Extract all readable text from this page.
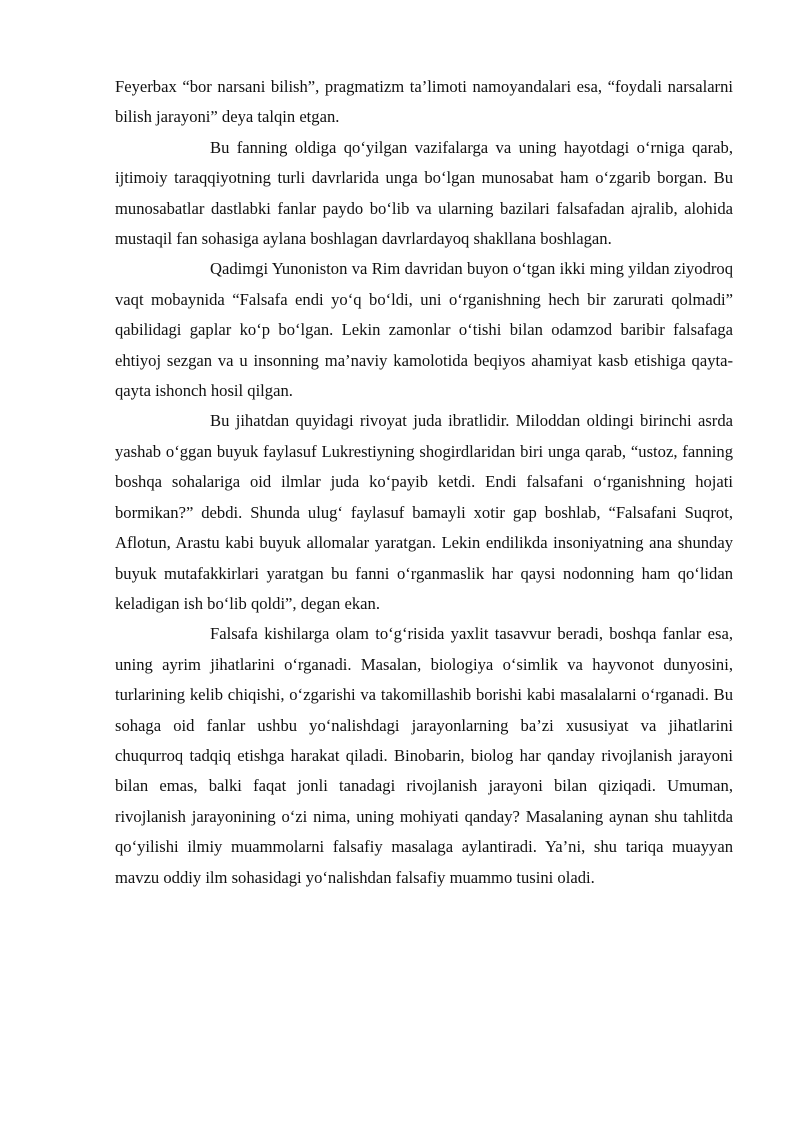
Feyerbax “bor narsani bilish”, pragmatizm ta’limoti namoyandalari esa, “foydali narsalarni bilish jarayoni” deya talqin etgan.

Bu fanning oldiga qo‘yilgan vazifalarga va uning hayotdagi o‘rniga qarab, ijtimoiy taraqqiyotning turli davrlarida unga bo‘lgan munosabat ham o‘zgarib borgan. Bu munosabatlar dastlabki fanlar paydo bo‘lib va ularning bazilari falsafadan ajralib, alohida mustaqil fan sohasiga aylana boshlagan davrlardayoq shakllana boshlagan.

Qadimgi Yunoniston va Rim davridan buyon o‘tgan ikki ming yildan ziyodroq vaqt mobaynida “Falsafa endi yo‘q bo‘ldi, uni o‘rganishning hech bir zarurati qolmadi” qabilidagi gaplar ko‘p bo‘lgan. Lekin zamonlar o‘tishi bilan odamzod baribir falsafaga ehtiyoj sezgan va u insonning ma’naviy kamolotida beqiyos ahamiyat kasb etishiga qayta-qayta ishonch hosil qilgan.

Bu jihatdan quyidagi rivoyat juda ibratlidir. Miloddan oldingi birinchi asrda yashab o‘ggan buyuk faylasuf Lukrestiyning shogirdlaridan biri unga qarab, “ustoz, fanning boshqa sohalariga oid ilmlar juda ko‘payib ketdi. Endi falsafani o‘rganishning hojati bormikan?” debdi. Shunda ulug‘ faylasuf bamayli xotir gap boshlab, “Falsafani Suqrot, Aflotun, Arastu kabi buyuk allomalar yaratgan. Lekin endilikda insoniyatning ana shunday buyuk mutafakkirlari yaratgan bu fanni o‘rganmaslik har qaysi nodonning ham qo‘lidan keladigan ish bo‘lib qoldi”, degan ekan.

Falsafa kishilarga olam to‘g‘risida yaxlit tasavvur beradi, boshqa fanlar esa, uning ayrim jihatlarini o‘rganadi. Masalan, biologiya o‘simlik va hayvonot dunyosini, turlarining kelib chiqishi, o‘zgarishi va takomillashib borishi kabi masalalarni o‘rganadi. Bu sohaga oid fanlar ushbu yo‘nalishdagi jarayonlarning ba’zi xususiyat va jihatlarini chuqurroq tadqiq etishga harakat qiladi. Binobarin, biolog har qanday rivojlanish jarayoni bilan emas, balki faqat jonli tanadagi rivojlanish jarayoni bilan qiziqadi. Umuman, rivojlanish jarayonining o‘zi nima, uning mohiyati qanday? Masalaning aynan shu tahlitda qo‘yilishi ilmiy muammolarni falsafiy masalaga aylantiradi. Ya’ni, shu tariqa muayyan mavzu oddiy ilm sohasidagi yo‘nalishdan falsafiy muammo tusini oladi.
